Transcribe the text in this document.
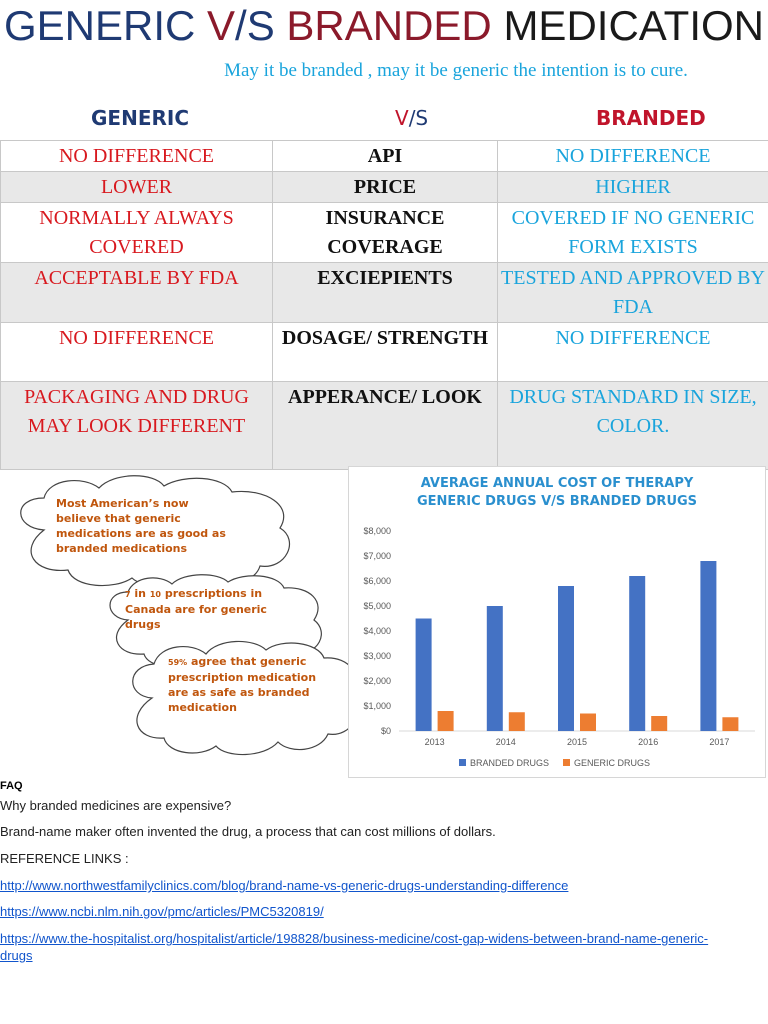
GENERIC V/S BRANDED MEDICATION
May it be branded , may it be generic the intention is to cure.
GENERIC	V/S	BRANDED
NO DIFFERENCE	API	NO DIFFERENCE
LOWER	PRICE	HIGHER
NORMALLY ALWAYS COVERED	INSURANCE COVERAGE	COVERED IF NO GENERIC FORM EXISTS
ACCEPTABLE BY FDA	EXCIEPIENTS	TESTED AND APPROVED BY FDA
NO DIFFERENCE	DOSAGE/ STRENGTH	NO DIFFERENCE
PACKAGING AND DRUG MAY LOOK DIFFERENT	APPERANCE/ LOOK	DRUG STANDARD IN SIZE, COLOR.
Most American’s now believe that generic medications are as good as branded medications
7 in 10 prescriptions in Canada are for generic drugs
59% agree that generic prescription medication are as safe as branded medication
AVERAGE ANNUAL COST OF THERAPY
GENERIC DRUGS V/S BRANDED DRUGS
$0
$1,000
$2,000
$3,000
$4,000
$5,000
$6,000
$7,000
$8,000
2013	2014	2015	2016	2017
BRANDED DRUGS	GENERIC DRUGS
FAQ
Why branded medicines are expensive?
Brand-name maker often invented the drug, a process that can cost millions of dollars.
REFERENCE LINKS :
http://www.northwestfamilyclinics.com/blog/brand-name-vs-generic-drugs-understanding-difference
https://www.ncbi.nlm.nih.gov/pmc/articles/PMC5320819/
https://www.the-hospitalist.org/hospitalist/article/198828/business-medicine/cost-gap-widens-between-brand-name-generic-drugs
